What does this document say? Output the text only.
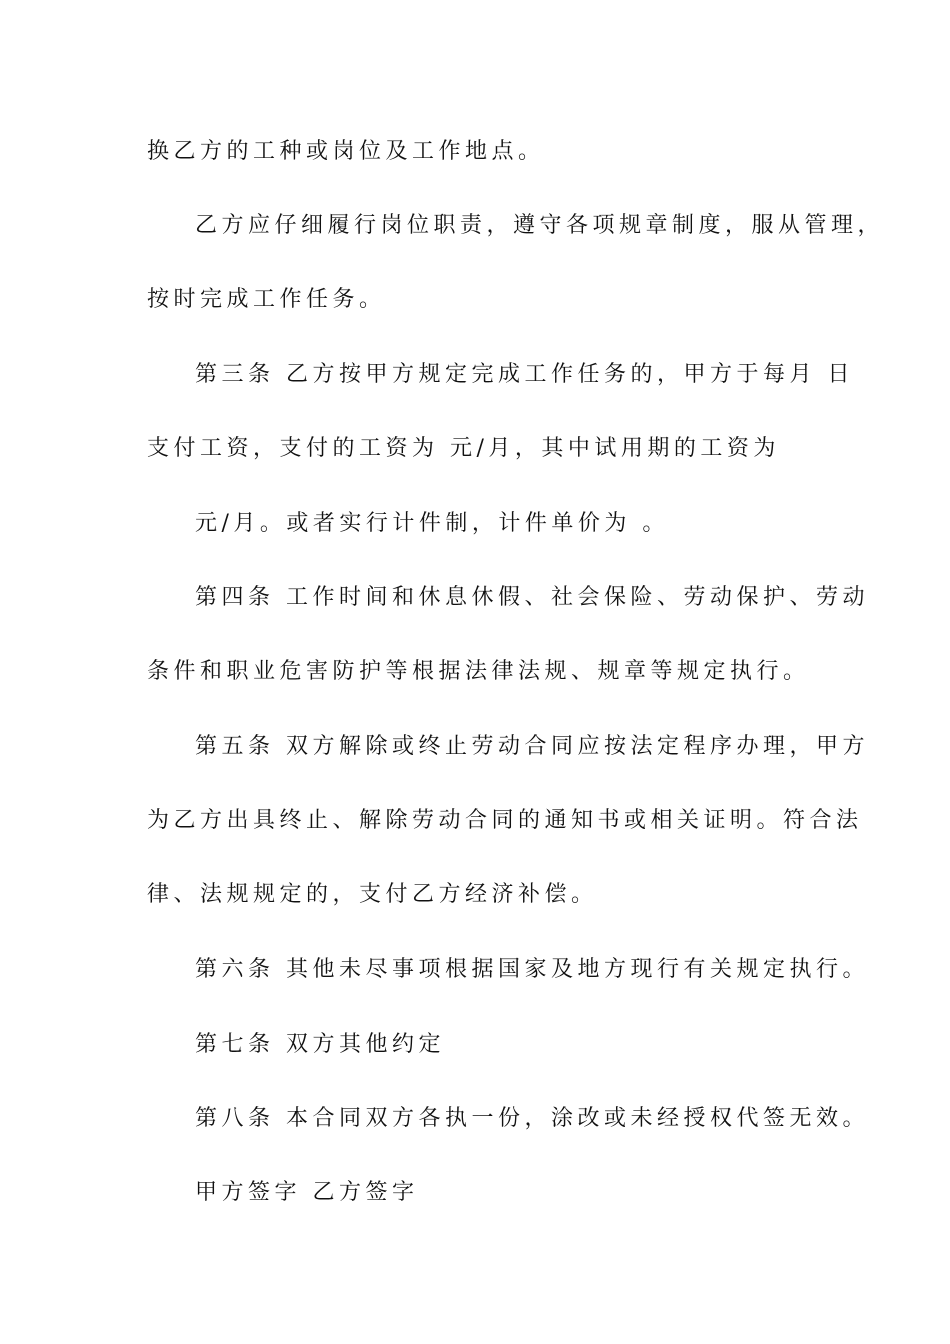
换乙方的工种或岗位及工作地点。
乙方应仔细履行岗位职责，遵守各项规章制度，服从管理，
按时完成工作任务。
第三条 乙方按甲方规定完成工作任务的，甲方于每月 日
支付工资，支付的工资为 元/月，其中试用期的工资为
元/月。或者实行计件制，计件单价为 。
第四条 工作时间和休息休假、社会保险、劳动保护、劳动
条件和职业危害防护等根据法律法规、规章等规定执行。
第五条 双方解除或终止劳动合同应按法定程序办理，甲方
为乙方出具终止、解除劳动合同的通知书或相关证明。符合法
律、法规规定的，支付乙方经济补偿。
第六条 其他未尽事项根据国家及地方现行有关规定执行。
第七条 双方其他约定
第八条 本合同双方各执一份，涂改或未经授权代签无效。
甲方签字 乙方签字
